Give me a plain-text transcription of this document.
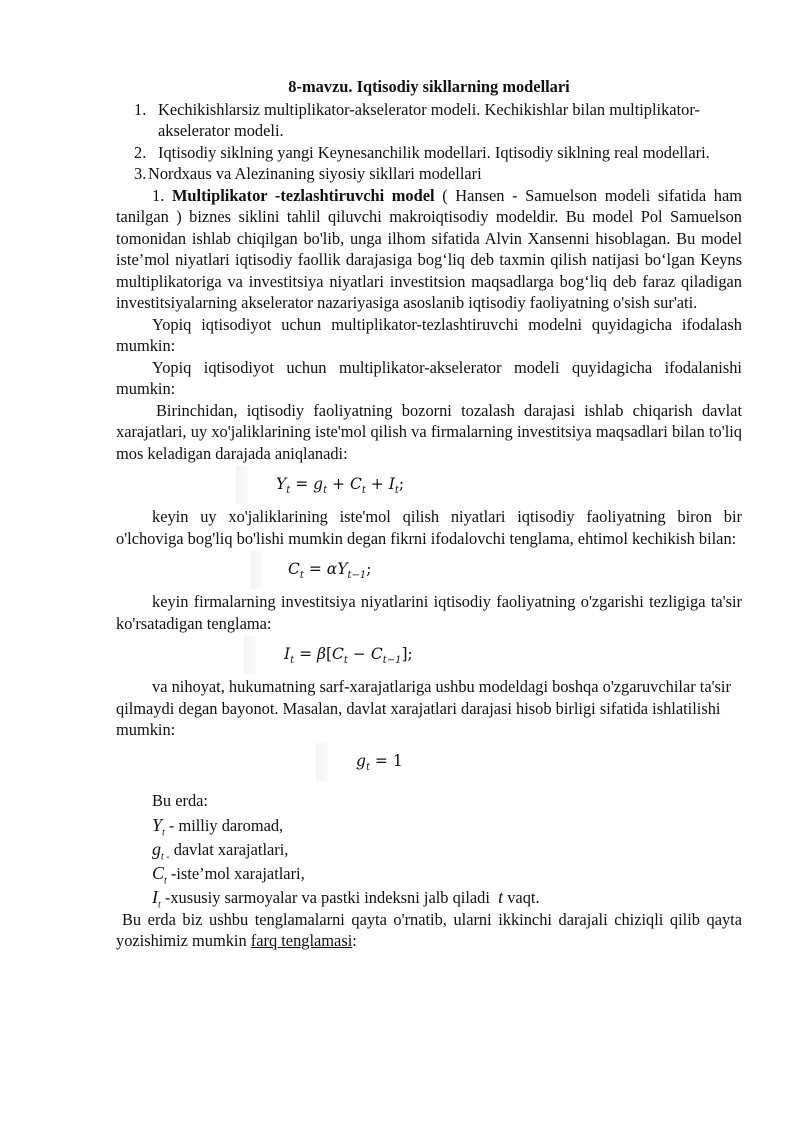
8-mavzu. Iqtisodiy sikllarning modellari
1. Kechikishlarsiz multiplikator-akselerator modeli. Kechikishlar bilan multiplikator-akselerator modeli.
2. Iqtisodiy siklning yangi Keynesanchilik modellari. Iqtisodiy siklning real modellari.
3. Nordxaus va Alezinaning siyosiy sikllari modellari

1. Multiplikator -tezlashtiruvchi model ( Hansen - Samuelson modeli sifatida ham tanilgan ) biznes siklini tahlil qiluvchi makroiqtisodiy modeldir. Bu model Pol Samuelson tomonidan ishlab chiqilgan bo'lib, unga ilhom sifatida Alvin Xansenni hisoblagan. Bu model iste’mol niyatlari iqtisodiy faollik darajasiga bog‘liq deb taxmin qilish natijasi bo‘lgan Keyns multiplikatoriga va investitsiya niyatlari investitsion maqsadlarga bog‘liq deb faraz qiladigan investitsiyalarning akselerator nazariyasiga asoslanib iqtisodiy faoliyatning o'sish sur'ati.

Yopiq iqtisodiyot uchun multiplikator-tezlashtiruvchi modelni quyidagicha ifodalash mumkin:

Yopiq iqtisodiyot uchun multiplikator-akselerator modeli quyidagicha ifodalanishi mumkin:

Birinchidan, iqtisodiy faoliyatning bozorni tozalash darajasi ishlab chiqarish davlat xarajatlari, uy xo'jaliklarining iste'mol qilish va firmalarning investitsiya maqsadlari bilan to'liq mos keladigan darajada aniqlanadi:

$Y_t = g_t + C_t + I_t$;

keyin uy xo'jaliklarining iste'mol qilish niyatlari iqtisodiy faoliyatning biron bir o'lchoviga bog'liq bo'lishi mumkin degan fikrni ifodalovchi tenglama, ehtimol kechikish bilan:

$C_t = \alpha Y_{t-1}$;

keyin firmalarning investitsiya niyatlarini iqtisodiy faoliyatning o'zgarishi tezligiga ta'sir ko'rsatadigan tenglama:

$I_t = \beta[C_t - C_{t-1}]$;

va nihoyat, hukumatning sarf-xarajatlariga ushbu modeldagi boshqa o'zgaruvchilar ta'sir qilmaydi degan bayonot. Masalan, davlat xarajatlari darajasi hisob birligi sifatida ishlatilishi mumkin:

$g_t = 1$
Bu erda:
$Y_t$ - milliy daromad,
$g_{t -}$ davlat xarajatlari,
$C_t$ -iste’mol xarajatlari,
$I_t$ -xususiy sarmoyalar va pastki indeksni jalb qiladi t vaqt.

Bu erda biz ushbu tenglamalarni qayta o'rnatib, ularni ikkinchi darajali chiziqli qilib qayta yozishimiz mumkin farq tenglamasi:
